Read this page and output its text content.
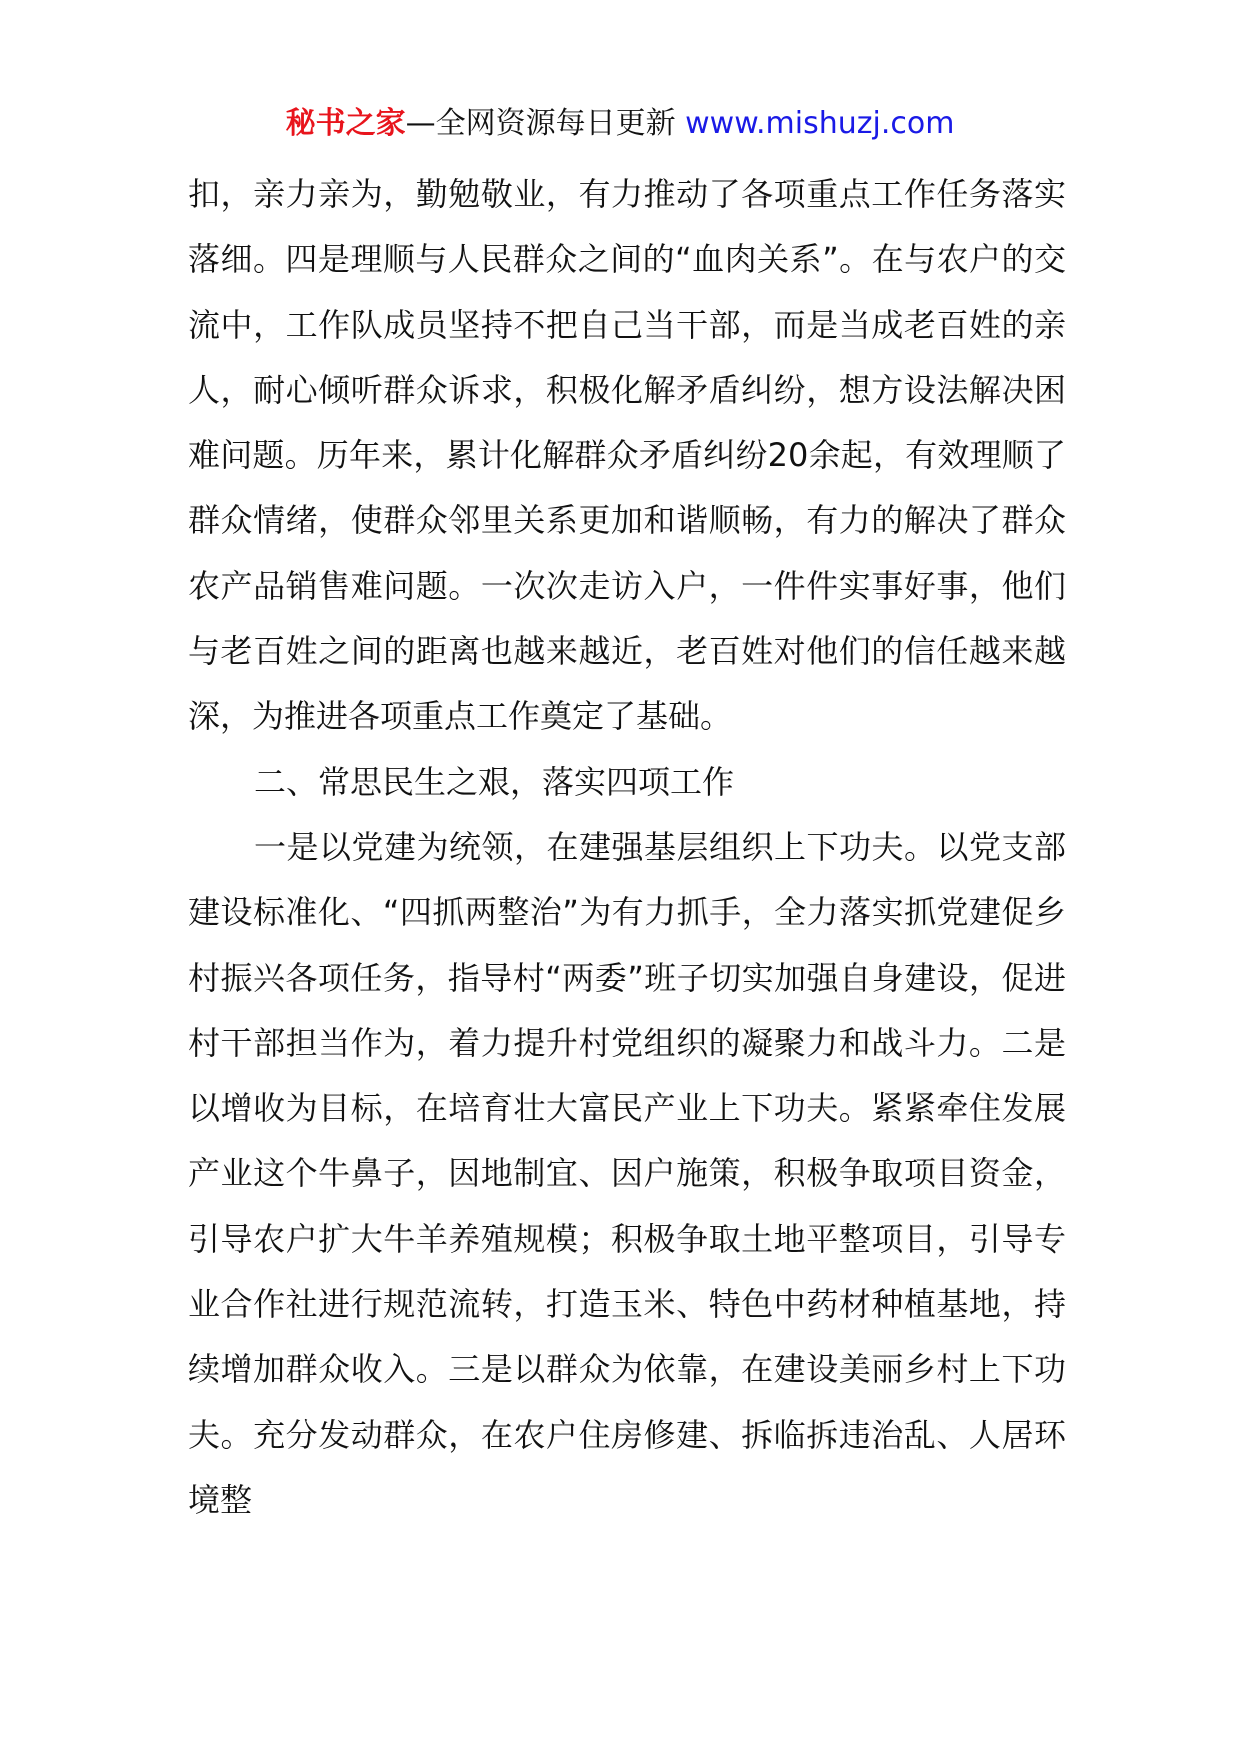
秘书之家—全网资源每日更新 www.mishuzj.com

扣，亲力亲为，勤勉敬业，有力推动了各项重点工作任务落实落细。四是理顺与人民群众之间的“血肉关系”。在与农户的交流中，工作队成员坚持不把自己当干部，而是当成老百姓的亲人，耐心倾听群众诉求，积极化解矛盾纠纷，想方设法解决困难问题。历年来，累计化解群众矛盾纠纷20余起，有效理顺了群众情绪，使群众邻里关系更加和谐顺畅，有力的解决了群众农产品销售难问题。一次次走访入户，一件件实事好事，他们与老百姓之间的距离也越来越近，老百姓对他们的信任越来越深，为推进各项重点工作奠定了基础。

二、常思民生之艰，落实四项工作

一是以党建为统领，在建强基层组织上下功夫。以党支部建设标准化、“四抓两整治”为有力抓手，全力落实抓党建促乡村振兴各项任务，指导村“两委”班子切实加强自身建设，促进村干部担当作为，着力提升村党组织的凝聚力和战斗力。二是以增收为目标，在培育壮大富民产业上下功夫。紧紧牵住发展产业这个牛鼻子，因地制宜、因户施策，积极争取项目资金，引导农户扩大牛羊养殖规模；积极争取土地平整项目，引导专业合作社进行规范流转，打造玉米、特色中药材种植基地，持续增加群众收入。三是以群众为依靠，在建设美丽乡村上下功夫。充分发动群众，在农户住房修建、拆临拆违治乱、人居环境整
